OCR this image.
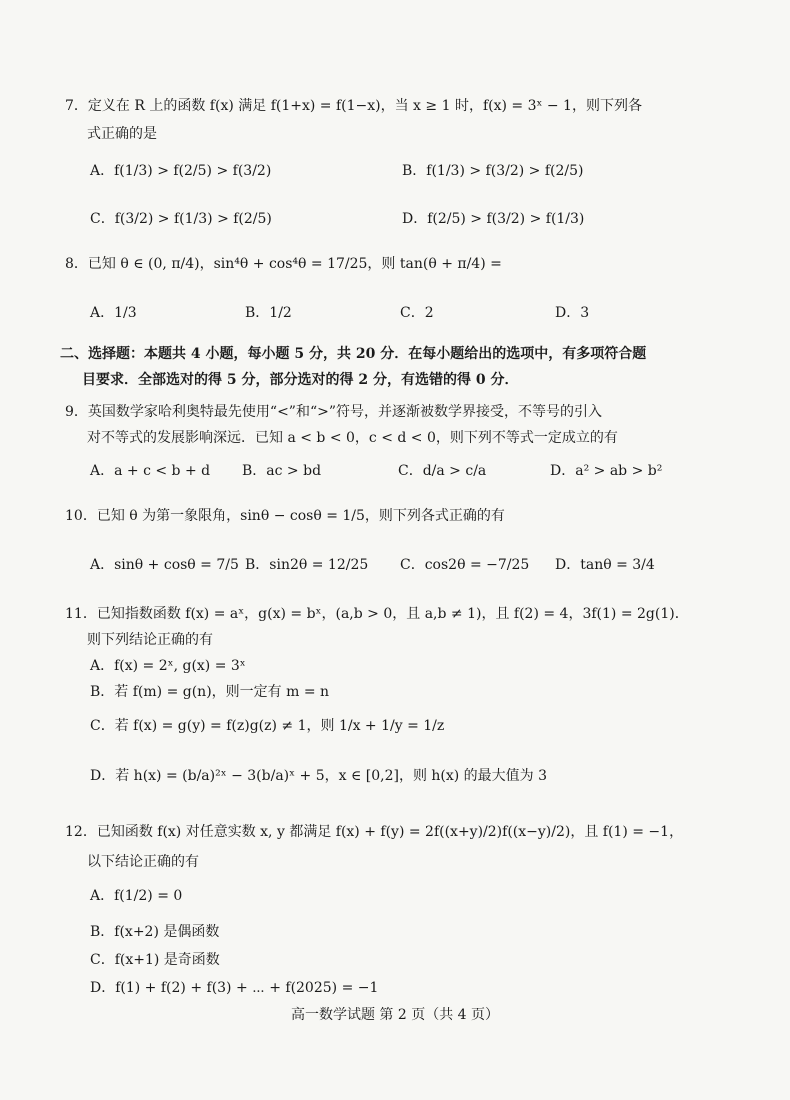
7．定义在 R 上的函数 f(x) 满足 f(1+x) = f(1−x)，当 x ≥ 1 时，f(x) = 3ˣ − 1，则下列各
式正确的是
A．f(1/3) > f(2/5) > f(3/2)	B．f(1/3) > f(3/2) > f(2/5)
C．f(3/2) > f(1/3) > f(2/5)	D．f(2/5) > f(3/2) > f(1/3)
8．已知 θ ∈ (0, π/4)，sin⁴θ + cos⁴θ = 17/25，则 tan(θ + π/4) =
A．1/3	B．1/2	C．2	D．3
二、选择题：本题共 4 小题，每小题 5 分，共 20 分．在每小题给出的选项中，有多项符合题
目要求．全部选对的得 5 分，部分选对的得 2 分，有选错的得 0 分．
9．英国数学家哈利奥特最先使用“<”和“>”符号，并逐渐被数学界接受，不等号的引入
对不等式的发展影响深远．已知 a < b < 0，c < d < 0，则下列不等式一定成立的有
A．a + c < b + d B．ac > bd	C．d/a > c/a	D．a² > ab > b²
10．已知 θ 为第一象限角，sinθ − cosθ = 1/5，则下列各式正确的有
A．sinθ + cosθ = 7/5 B．sin2θ = 12/25 C．cos2θ = −7/25 D．tanθ = 3/4
11．已知指数函数 f(x) = aˣ，g(x) = bˣ，(a,b > 0，且 a,b ≠ 1)，且 f(2) = 4，3f(1) = 2g(1)．
则下列结论正确的有
A．f(x) = 2ˣ, g(x) = 3ˣ
B．若 f(m) = g(n)，则一定有 m = n
C．若 f(x) = g(y) = f(z)g(z) ≠ 1，则 1/x + 1/y = 1/z
D．若 h(x) = (b/a)²ˣ − 3(b/a)ˣ + 5，x ∈ [0,2]，则 h(x) 的最大值为 3
12．已知函数 f(x) 对任意实数 x, y 都满足 f(x) + f(y) = 2f((x+y)/2)f((x−y)/2)，且 f(1) = −1，
以下结论正确的有
A．f(1/2) = 0
B．f(x+2) 是偶函数
C．f(x+1) 是奇函数
D．f(1) + f(2) + f(3) + ⋯ + f(2025) = −1
高一数学试题 第 2 页（共 4 页）
